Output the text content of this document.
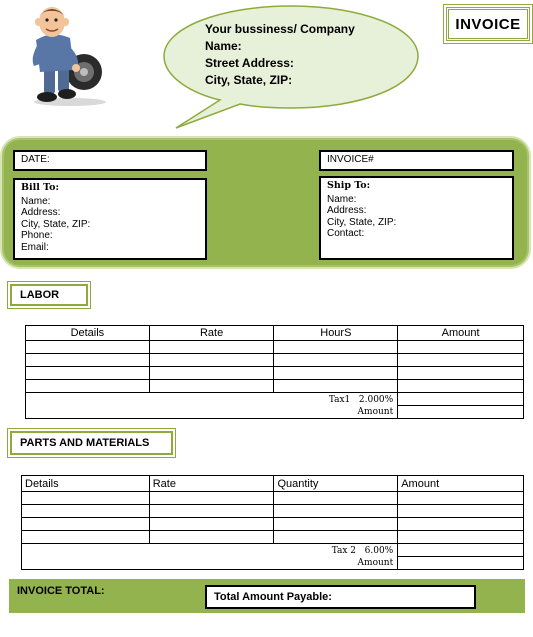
Your bussiness/ Company
Name:
Street Address:
City, State, ZIP:
INVOICE
DATE:	INVOICE#
Bill To:
Name:
Address:
City, State, ZIP:
Phone:
Email:
Ship To:
Name:
Address:
City, State, ZIP:
Contact:
LABOR
Details	Rate	HourS	Amount

Tax1 2.000%
Amount			

PARTS AND MATERIALS
Details	Rate	Quantity	Amount

Tax 2 6.00%
Amount			

INVOICE TOTAL:	Total Amount Payable:
